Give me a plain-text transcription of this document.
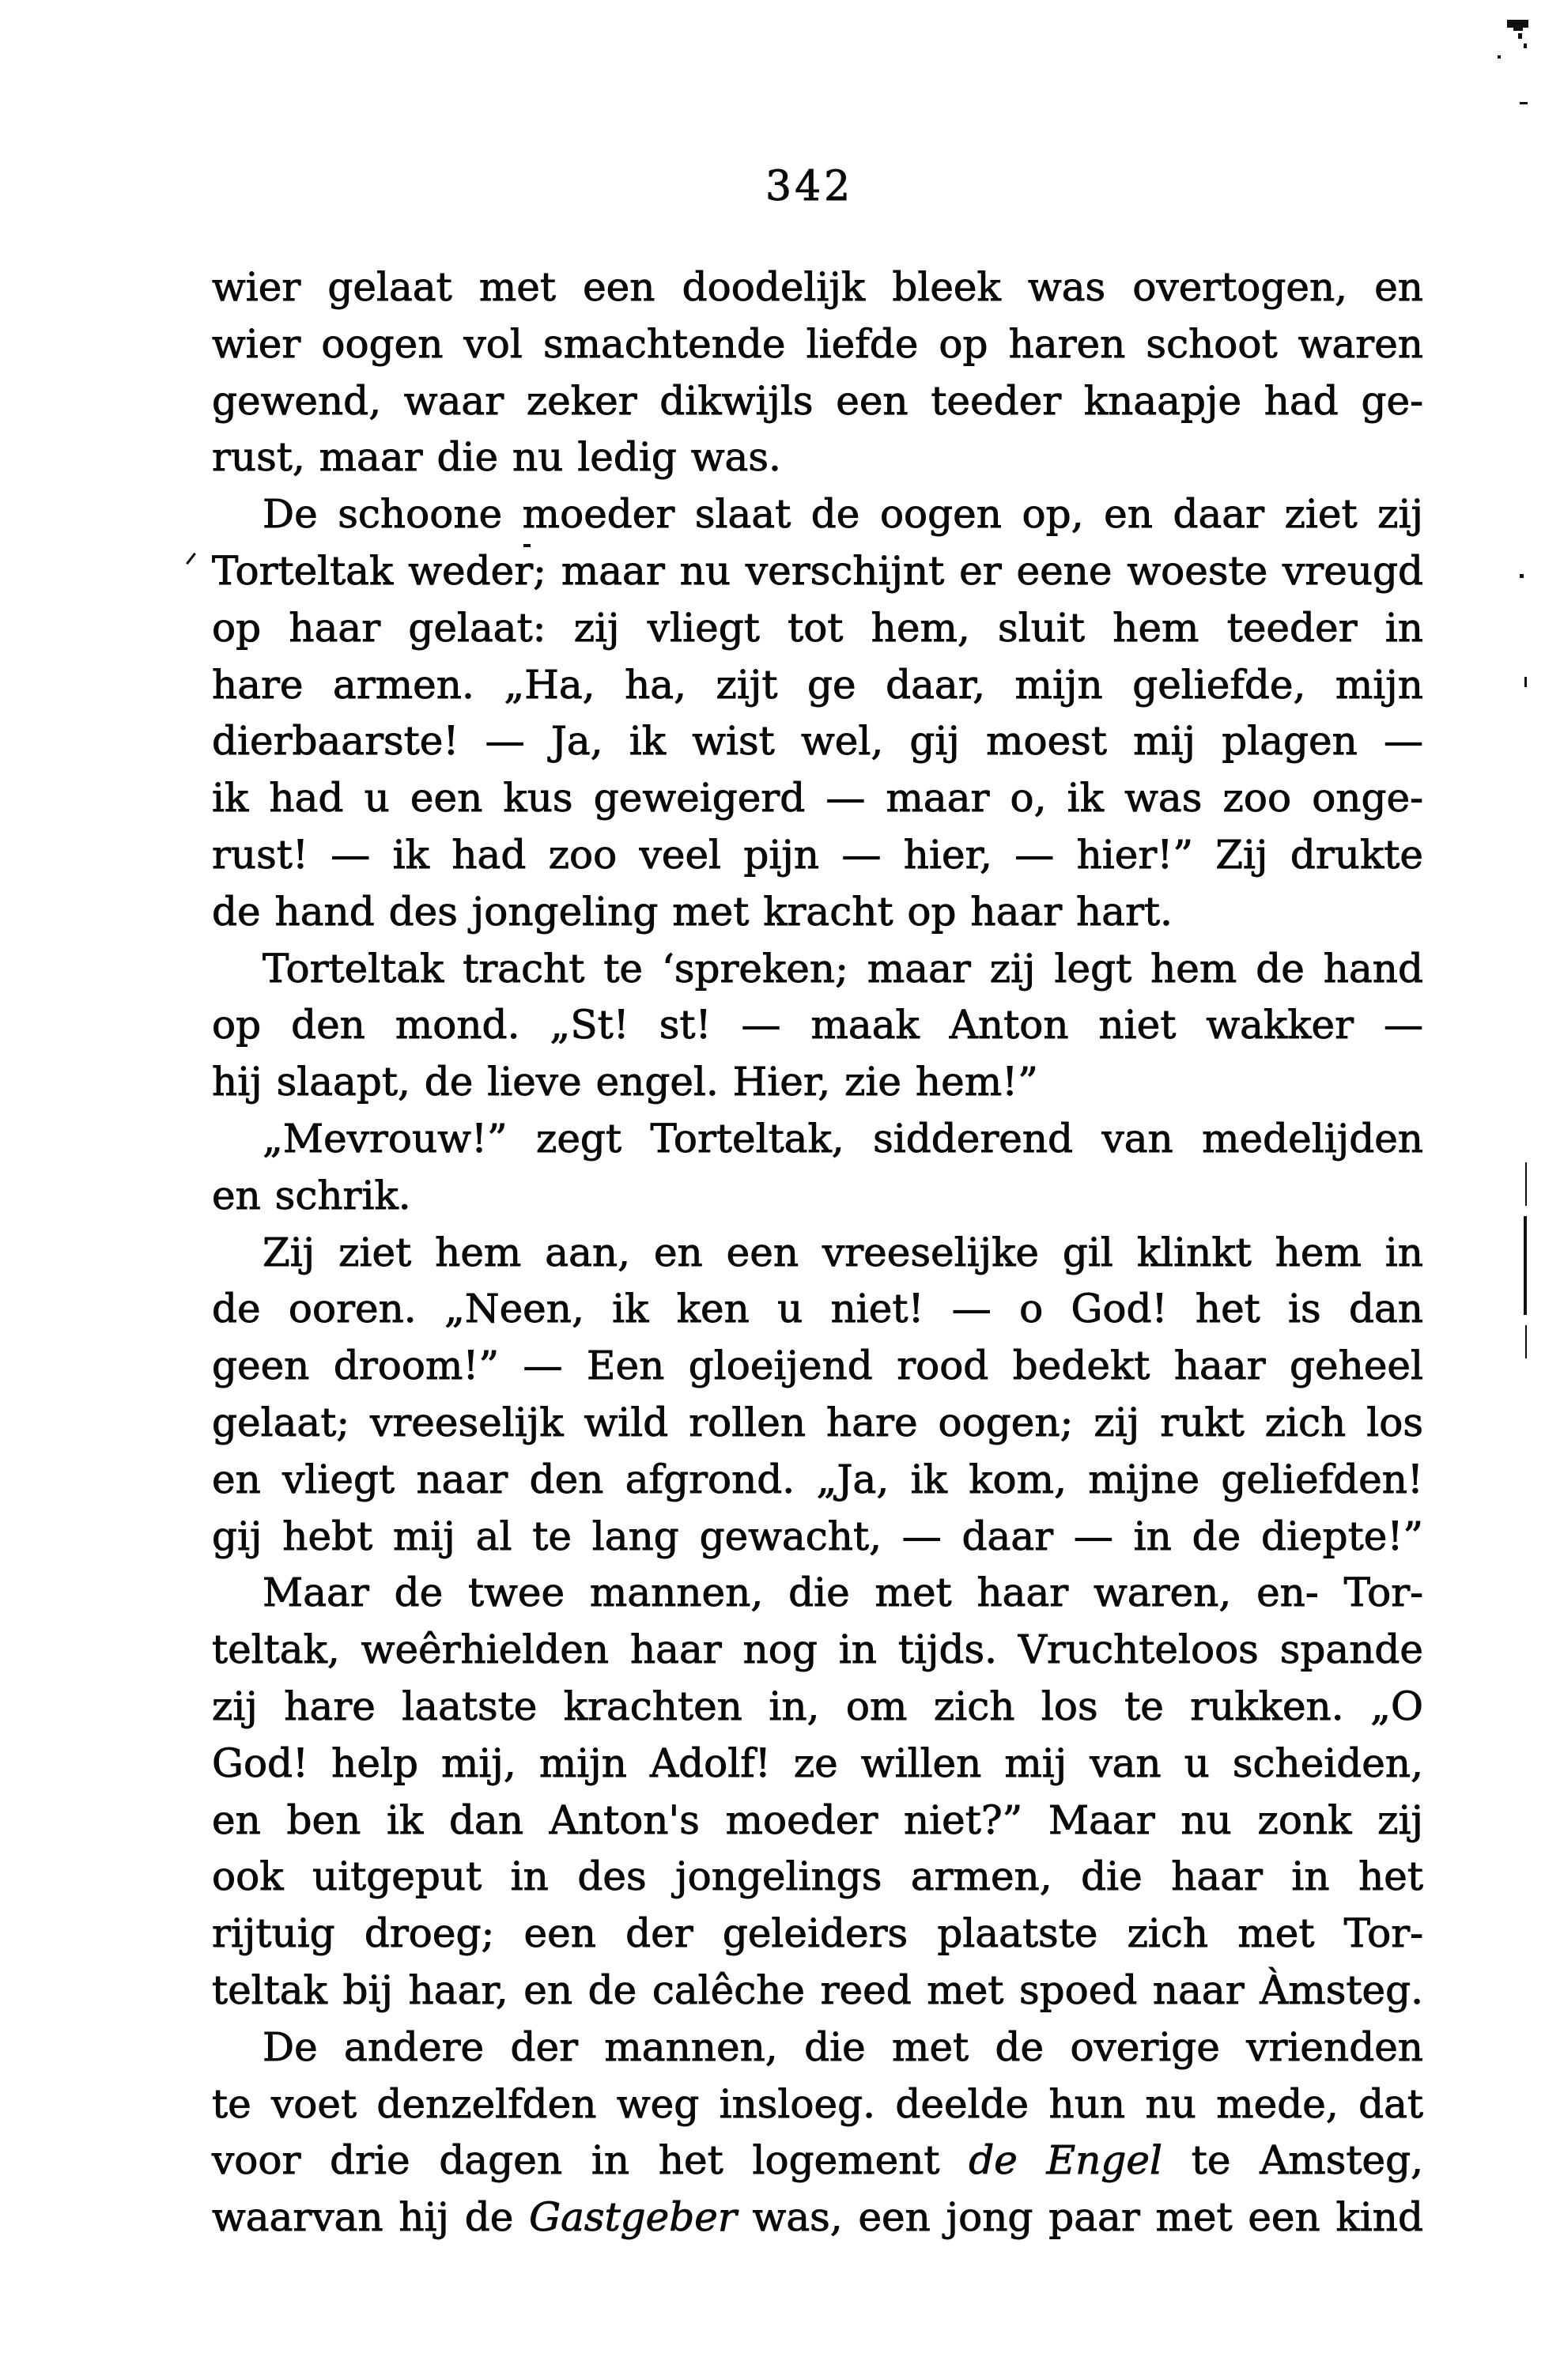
342
wier gelaat met een doodelijk bleek was overtogen, en
wier oogen vol smachtende liefde op haren schoot waren
gewend, waar zeker dikwijls een teeder knaapje had ge-
rust, maar die nu ledig was.
De schoone moeder slaat de oogen op, en daar ziet zij
Torteltak weder; maar nu verschijnt er eene woeste vreugd
op haar gelaat: zij vliegt tot hem, sluit hem teeder in
hare armen. „Ha, ha, zijt ge daar, mijn geliefde, mijn
dierbaarste! — Ja, ik wist wel, gij moest mij plagen —
ik had u een kus geweigerd — maar o, ik was zoo onge-
rust! — ik had zoo veel pijn — hier, — hier!” Zij drukte
de hand des jongeling met kracht op haar hart.
Torteltak tracht te ‘spreken; maar zij legt hem de hand
op den mond. „St! st! — maak Anton niet wakker —
hij slaapt, de lieve engel. Hier, zie hem!”
„Mevrouw!” zegt Torteltak, sidderend van medelijden
en schrik.
Zij ziet hem aan, en een vreeselijke gil klinkt hem in
de ooren. „Neen, ik ken u niet! — o God! het is dan
geen droom!” — Een gloeijend rood bedekt haar geheel
gelaat; vreeselijk wild rollen hare oogen; zij rukt zich los
en vliegt naar den afgrond. „Ja, ik kom, mijne geliefden!
gij hebt mij al te lang gewacht, — daar — in de diepte!”
Maar de twee mannen, die met haar waren, en- Tor-
teltak, weêrhielden haar nog in tijds. Vruchteloos spande
zij hare laatste krachten in, om zich los te rukken. „O
God! help mij, mijn Adolf! ze willen mij van u scheiden,
en ben ik dan Anton's moeder niet?” Maar nu zonk zij
ook uitgeput in des jongelings armen, die haar in het
rijtuig droeg; een der geleiders plaatste zich met Tor-
teltak bij haar, en de calêche reed met spoed naar Àmsteg.
De andere der mannen, die met de overige vrienden
te voet denzelfden weg insloeg. deelde hun nu mede, dat
voor drie dagen in het logement de Engel te Amsteg,
waarvan hij de Gastgeber was, een jong paar met een kind
